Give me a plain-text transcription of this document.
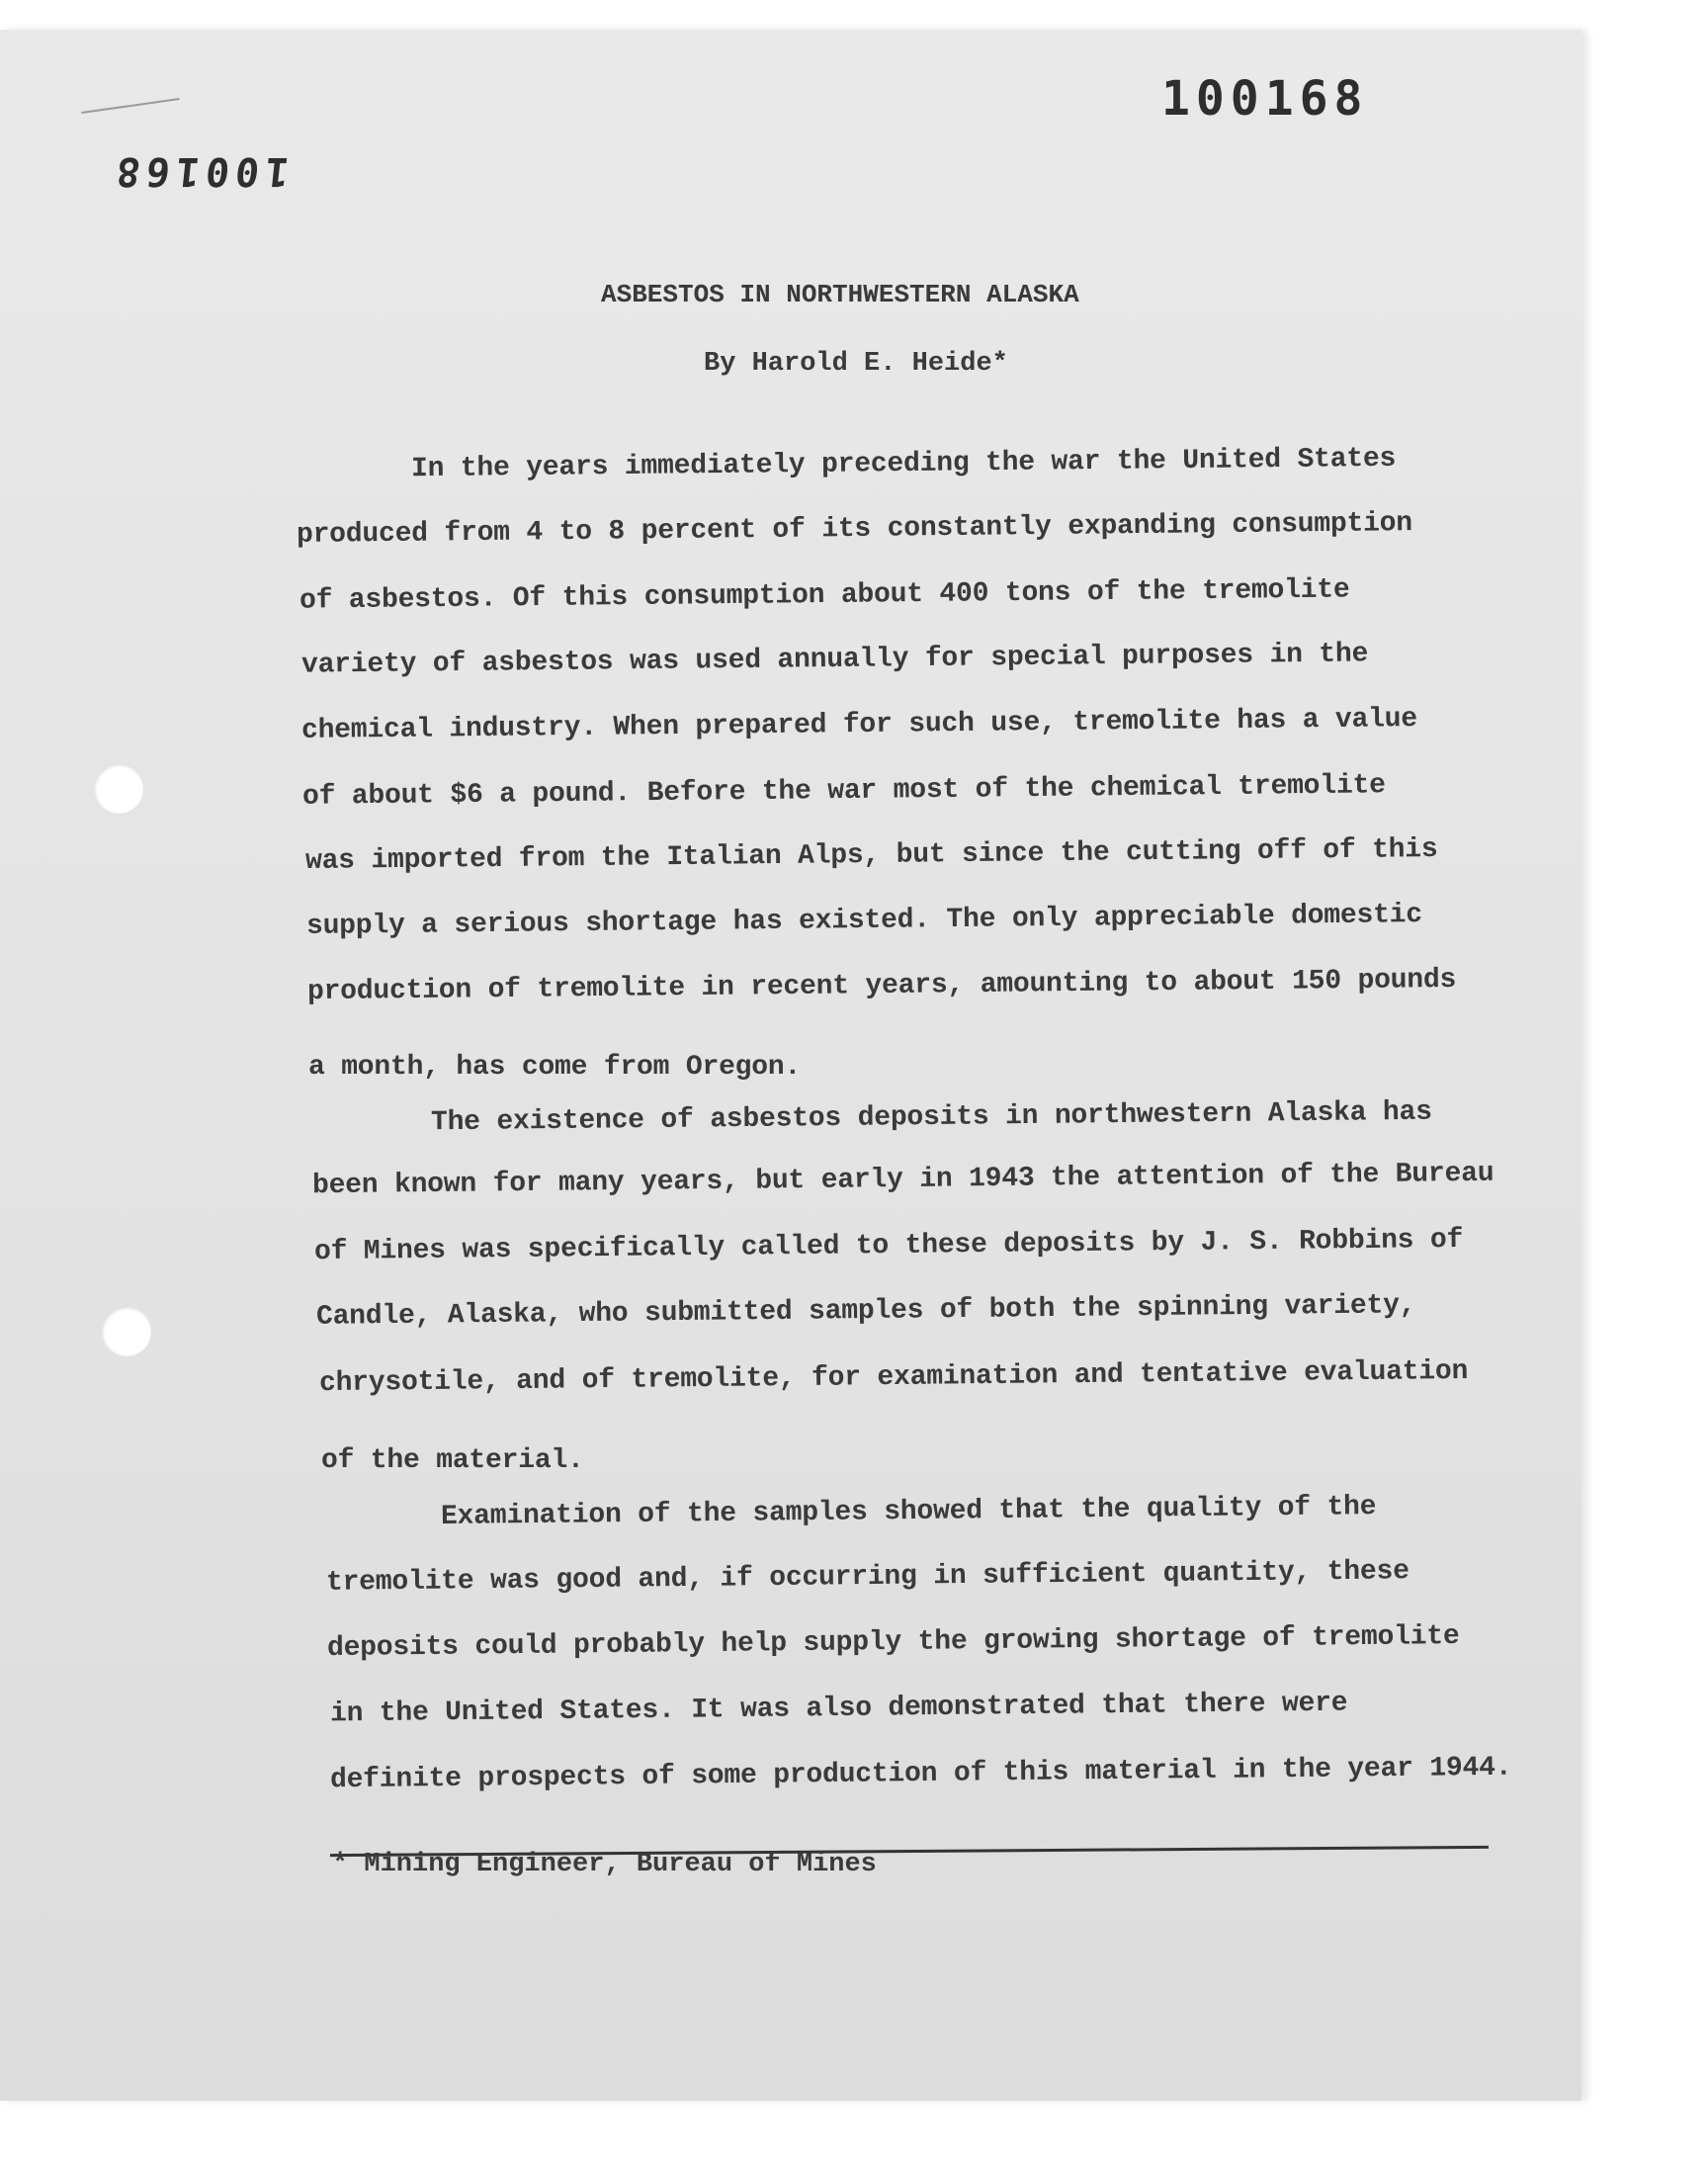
100168
100168
ASBESTOS IN NORTHWESTERN ALASKA
By Harold E. Heide*
In the years immediately preceding the war the United States
produced from 4 to 8 percent of its constantly expanding consumption
of asbestos. Of this consumption about 400 tons of the tremolite
variety of asbestos was used annually for special purposes in the
chemical industry. When prepared for such use, tremolite has a value
of about $6 a pound. Before the war most of the chemical tremolite
was imported from the Italian Alps, but since the cutting off of this
supply a serious shortage has existed. The only appreciable domestic
production of tremolite in recent years, amounting to about 150 pounds
a month, has come from Oregon.
The existence of asbestos deposits in northwestern Alaska has
been known for many years, but early in 1943 the attention of the Bureau
of Mines was specifically called to these deposits by J. S. Robbins of
Candle, Alaska, who submitted samples of both the spinning variety,
chrysotile, and of tremolite, for examination and tentative evaluation
of the material.
Examination of the samples showed that the quality of the
tremolite was good and, if occurring in sufficient quantity, these
deposits could probably help supply the growing shortage of tremolite
in the United States. It was also demonstrated that there were
definite prospects of some production of this material in the year 1944.
* Mining Engineer, Bureau of Mines
